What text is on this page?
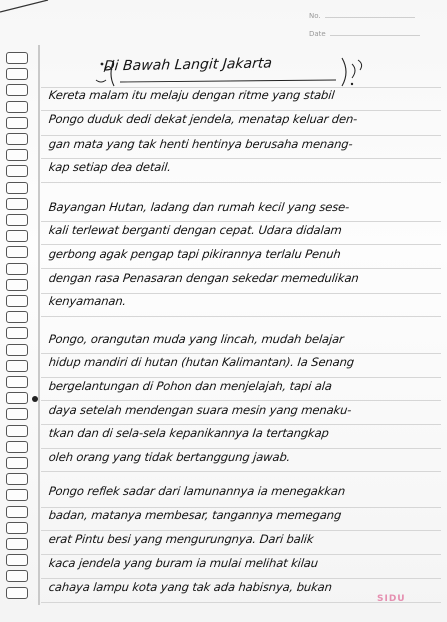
No.
Date
Di Bawah Langit Jakarta
Kereta malam itu melaju dengan ritme yang stabil
Pongo duduk dedi dekat jendela, menatap keluar den-
gan mata yang tak henti hentinya berusaha menang-
kap setiap dea detail.
Bayangan Hutan, ladang dan rumah kecil yang sese-
kali terlewat berganti dengan cepat. Udara didalam
gerbong agak pengap tapi pikirannya terlalu Penuh
dengan rasa Penasaran dengan sekedar memedulikan
kenyamanan.
Pongo, orangutan muda yang lincah, mudah belajar
hidup mandiri di hutan (hutan Kalimantan). Ia Senang
bergelantungan di Pohon dan menjelajah, tapi ala
daya setelah mendengan suara mesin yang menaku-
tkan dan di sela-sela kepanikannya Ia tertangkap
oleh orang yang tidak bertanggung jawab.
Pongo reflek sadar dari lamunannya ia menegakkan
badan, matanya membesar, tangannya memegang
erat Pintu besi yang mengurungnya. Dari balik
kaca jendela yang buram ia mulai melihat kilau
cahaya lampu kota yang tak ada habisnya, bukan
SIDU
